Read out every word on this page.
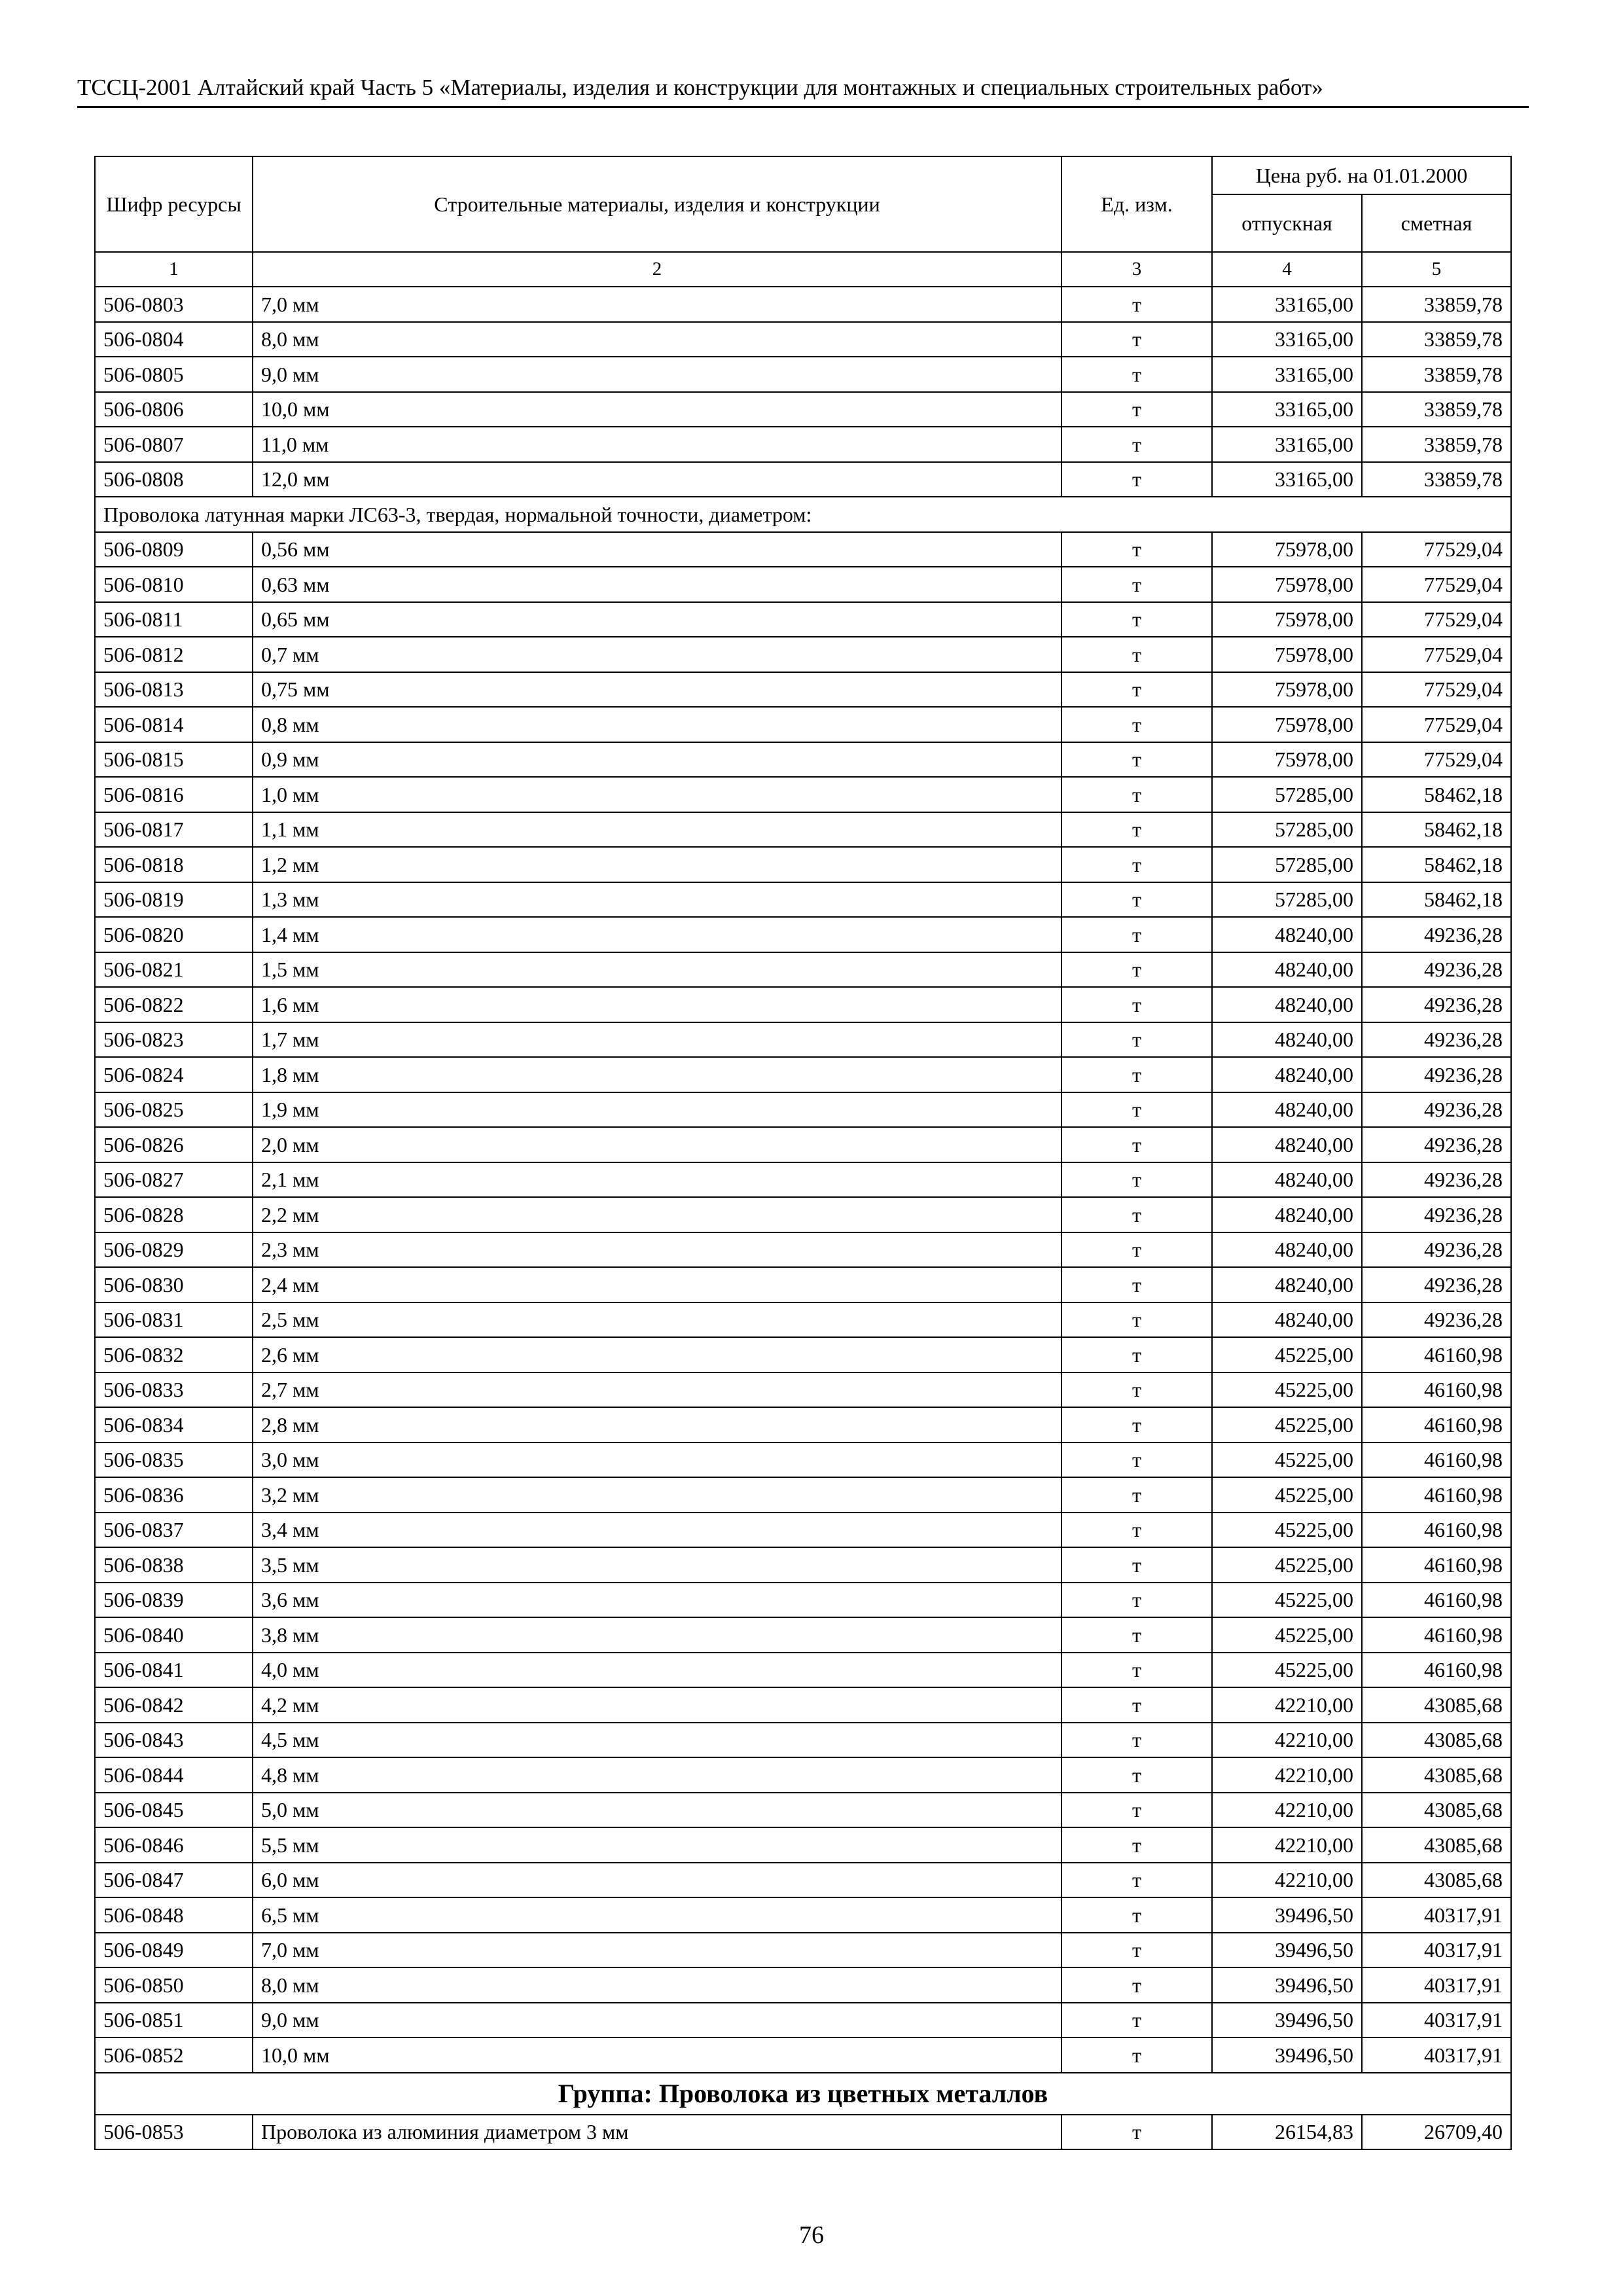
ТССЦ-2001 Алтайский край Часть 5 «Материалы, изделия и конструкции для монтажных и специальных строительных работ»
Шифр ресурсы	Строительные материалы, изделия и конструкции	Ед. изм.	Цена руб. на 01.01.2000	
			отпускная	сметная
1	2	3	4	5
506-0803	7,0 мм	т	33165,00	33859,78
506-0804	8,0 мм	т	33165,00	33859,78
506-0805	9,0 мм	т	33165,00	33859,78
506-0806	10,0 мм	т	33165,00	33859,78
506-0807	11,0 мм	т	33165,00	33859,78
506-0808	12,0 мм	т	33165,00	33859,78
Проволока латунная марки ЛС63-3, твердая, нормальной точности, диаметром:				
506-0809	0,56 мм	т	75978,00	77529,04
506-0810	0,63 мм	т	75978,00	77529,04
506-0811	0,65 мм	т	75978,00	77529,04
506-0812	0,7 мм	т	75978,00	77529,04
506-0813	0,75 мм	т	75978,00	77529,04
506-0814	0,8 мм	т	75978,00	77529,04
506-0815	0,9 мм	т	75978,00	77529,04
506-0816	1,0 мм	т	57285,00	58462,18
506-0817	1,1 мм	т	57285,00	58462,18
506-0818	1,2 мм	т	57285,00	58462,18
506-0819	1,3 мм	т	57285,00	58462,18
506-0820	1,4 мм	т	48240,00	49236,28
506-0821	1,5 мм	т	48240,00	49236,28
506-0822	1,6 мм	т	48240,00	49236,28
506-0823	1,7 мм	т	48240,00	49236,28
506-0824	1,8 мм	т	48240,00	49236,28
506-0825	1,9 мм	т	48240,00	49236,28
506-0826	2,0 мм	т	48240,00	49236,28
506-0827	2,1 мм	т	48240,00	49236,28
506-0828	2,2 мм	т	48240,00	49236,28
506-0829	2,3 мм	т	48240,00	49236,28
506-0830	2,4 мм	т	48240,00	49236,28
506-0831	2,5 мм	т	48240,00	49236,28
506-0832	2,6 мм	т	45225,00	46160,98
506-0833	2,7 мм	т	45225,00	46160,98
506-0834	2,8 мм	т	45225,00	46160,98
506-0835	3,0 мм	т	45225,00	46160,98
506-0836	3,2 мм	т	45225,00	46160,98
506-0837	3,4 мм	т	45225,00	46160,98
506-0838	3,5 мм	т	45225,00	46160,98
506-0839	3,6 мм	т	45225,00	46160,98
506-0840	3,8 мм	т	45225,00	46160,98
506-0841	4,0 мм	т	45225,00	46160,98
506-0842	4,2 мм	т	42210,00	43085,68
506-0843	4,5 мм	т	42210,00	43085,68
506-0844	4,8 мм	т	42210,00	43085,68
506-0845	5,0 мм	т	42210,00	43085,68
506-0846	5,5 мм	т	42210,00	43085,68
506-0847	6,0 мм	т	42210,00	43085,68
506-0848	6,5 мм	т	39496,50	40317,91
506-0849	7,0 мм	т	39496,50	40317,91
506-0850	8,0 мм	т	39496,50	40317,91
506-0851	9,0 мм	т	39496,50	40317,91
506-0852	10,0 мм	т	39496,50	40317,91
Группа: Проволока из цветных металлов				
506-0853	Проволока из алюминия диаметром 3 мм	т	26154,83	26709,40
76
